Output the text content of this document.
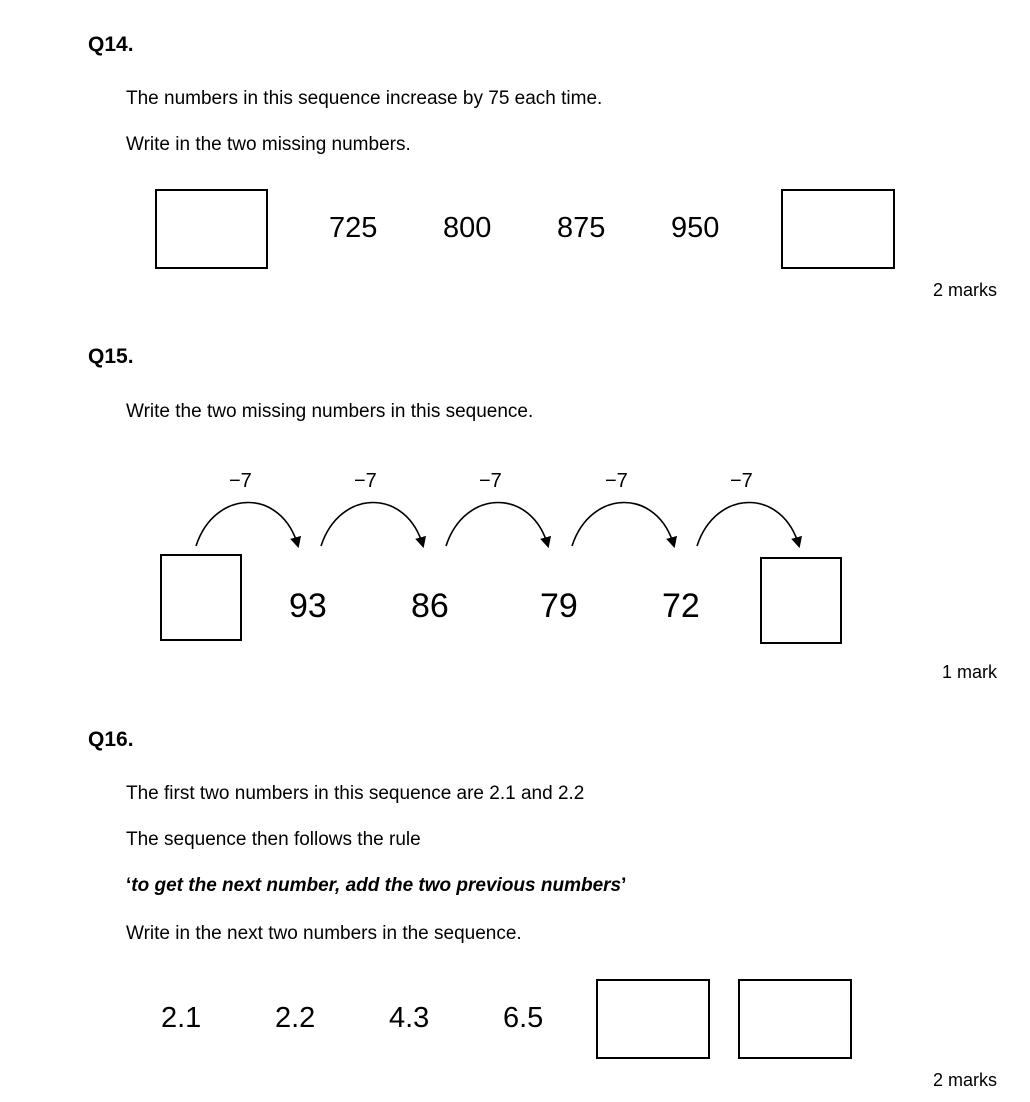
Q14.
The numbers in this sequence increase by 75 each time.
Write in the two missing numbers.
725 800 875 950
2 marks
Q15.
Write the two missing numbers in this sequence.
−7	−7	−7	−7	−7
93 86	79 72
1 mark
Q16.
The first two numbers in this sequence are 2.1 and 2.2
The sequence then follows the rule
‘to get the next number, add the two previous numbers’
Write in the next two numbers in the sequence.
2.1	2.2	4.3	6.5
2 marks
